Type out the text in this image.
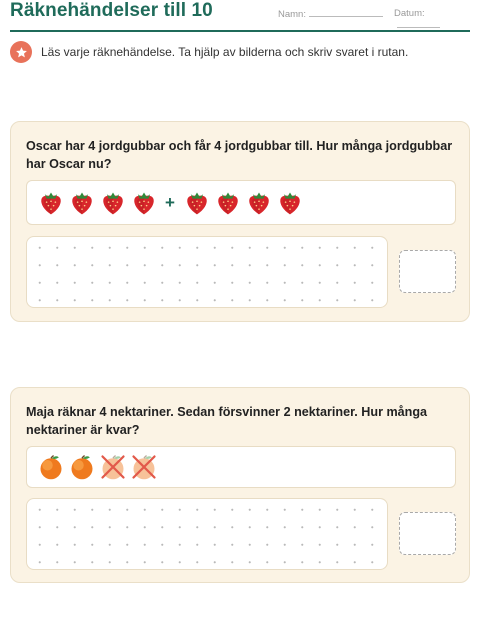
Räknehändelser till 10	Namn:	Datum:
Läs varje räknehändelse. Ta hjälp av bilderna och skriv svaret i rutan.
Oscar har 4 jordgubbar och får 4 jordgubbar till. Hur många jordgubbar har Oscar nu?
+
Maja räknar 4 nektariner. Sedan försvinner 2 nektariner. Hur många nektariner är kvar?
